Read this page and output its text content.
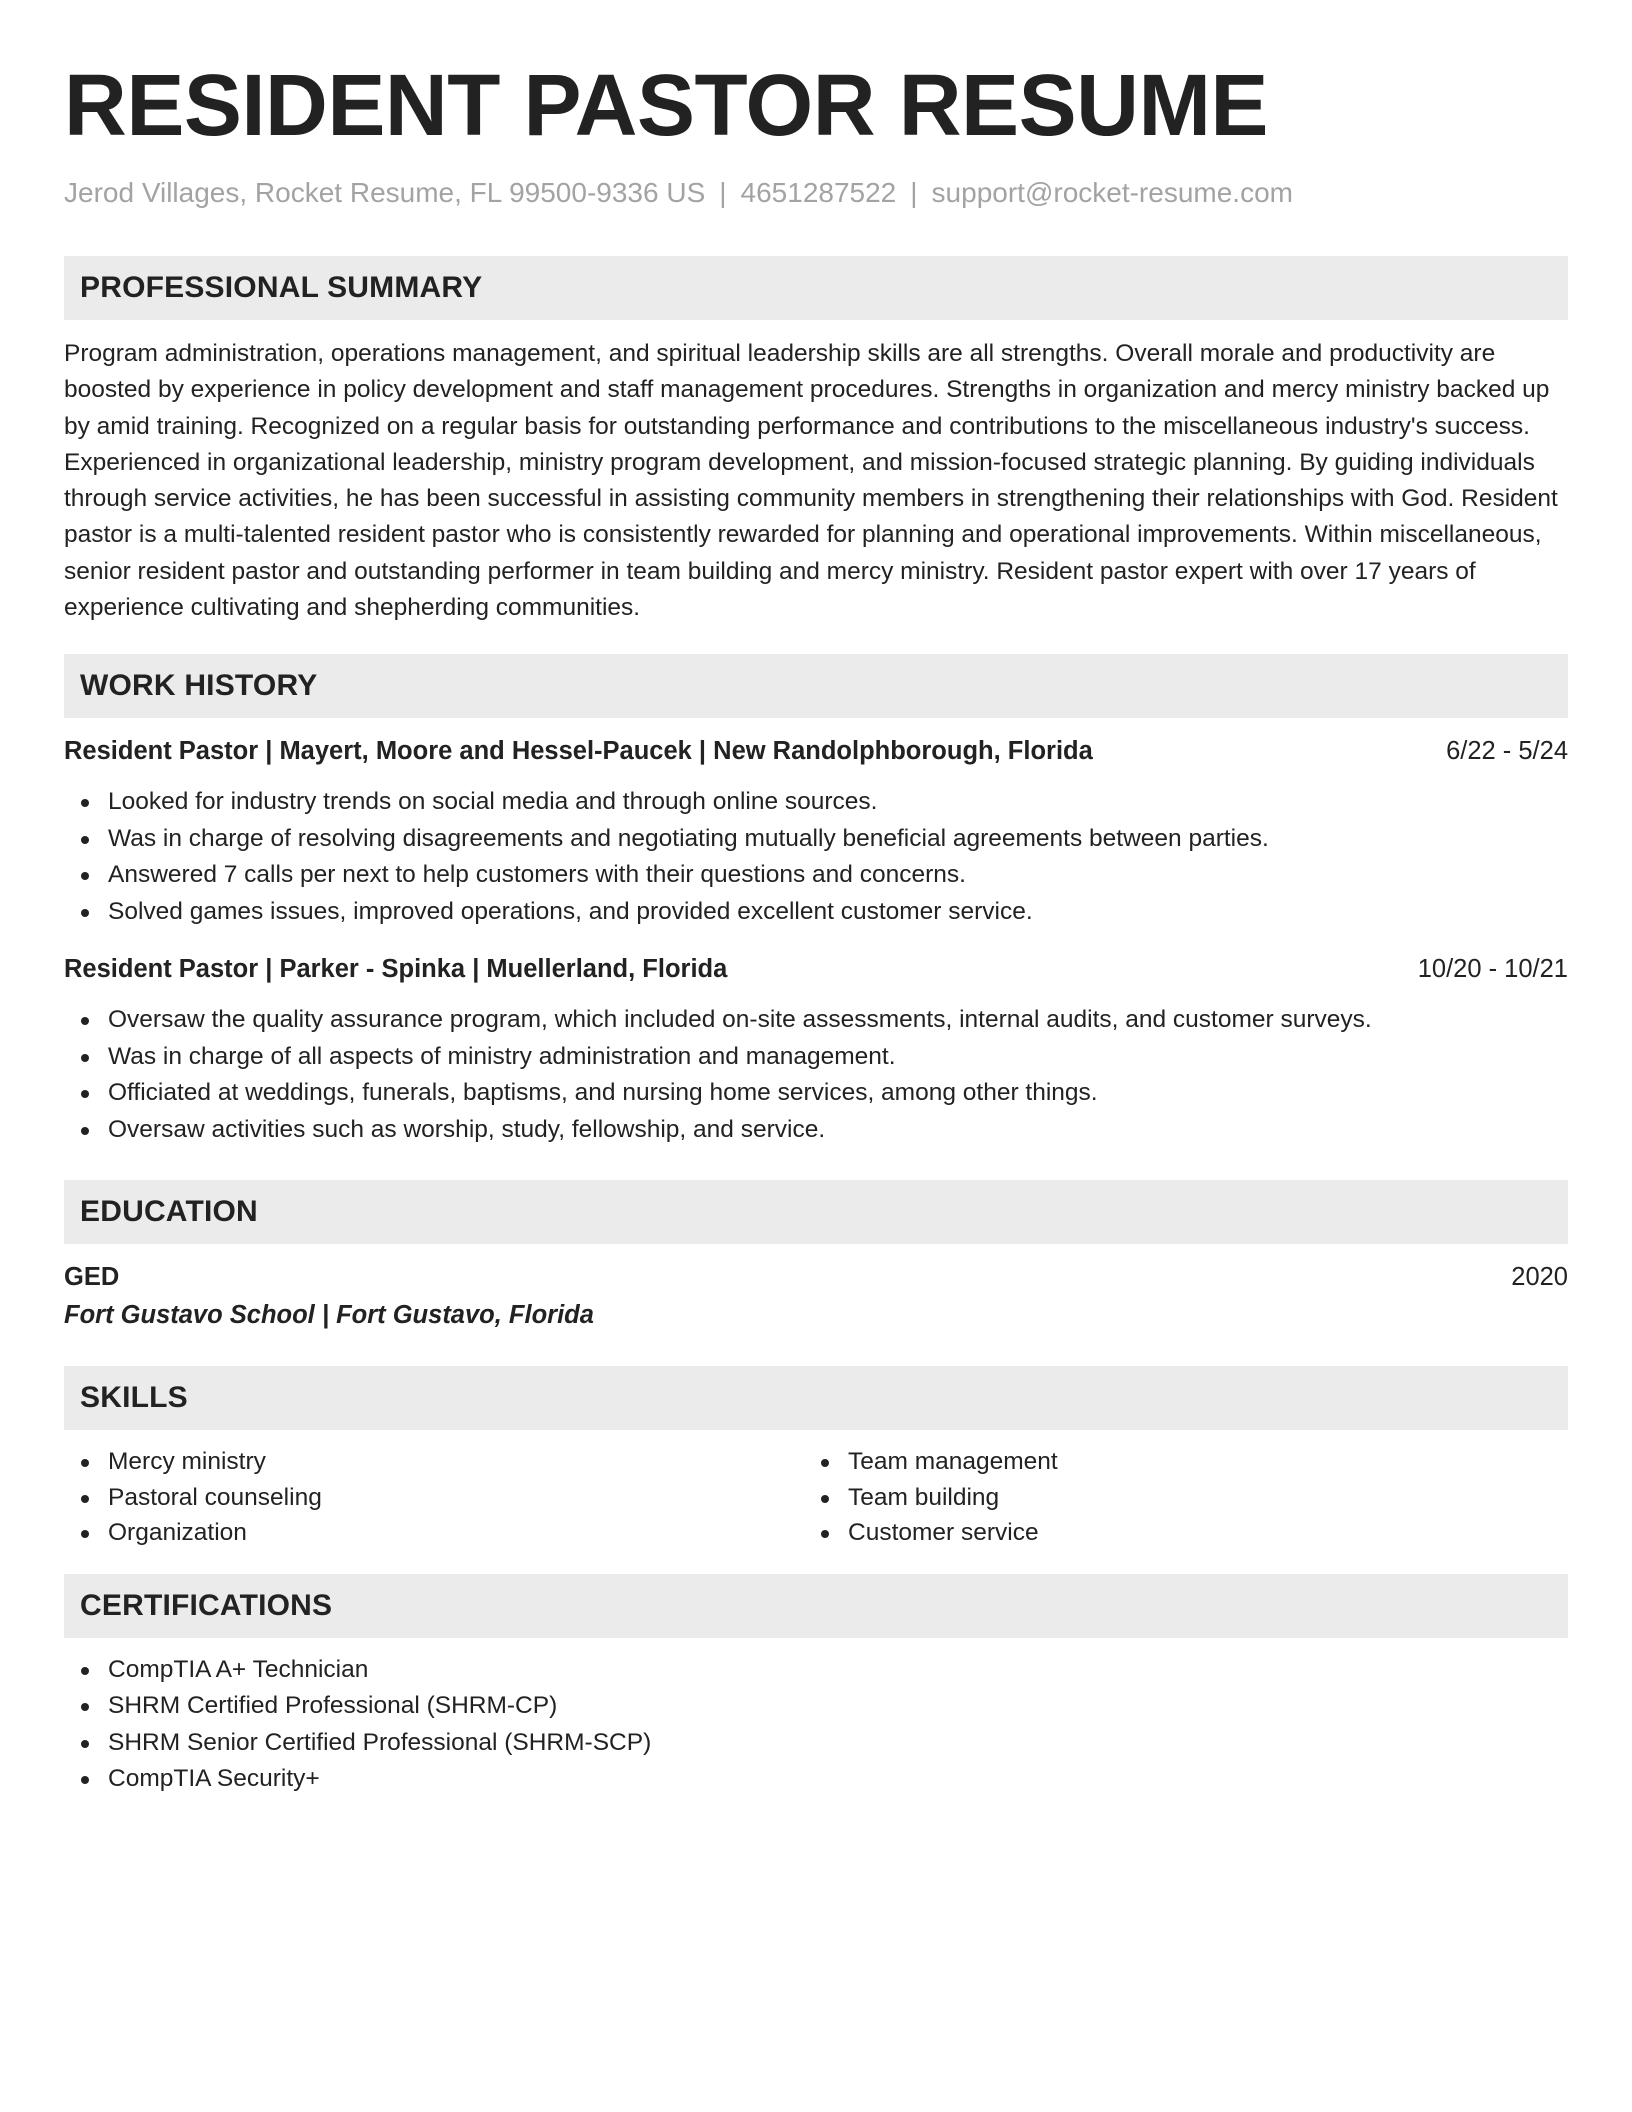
RESIDENT PASTOR RESUME
Jerod Villages, Rocket Resume, FL 99500-9336 US | 4651287522 | support@rocket-resume.com
PROFESSIONAL SUMMARY
Program administration, operations management, and spiritual leadership skills are all strengths. Overall morale and productivity are boosted by experience in policy development and staff management procedures. Strengths in organization and mercy ministry backed up by amid training. Recognized on a regular basis for outstanding performance and contributions to the miscellaneous industry's success. Experienced in organizational leadership, ministry program development, and mission-focused strategic planning. By guiding individuals through service activities, he has been successful in assisting community members in strengthening their relationships with God. Resident pastor is a multi-talented resident pastor who is consistently rewarded for planning and operational improvements. Within miscellaneous, senior resident pastor and outstanding performer in team building and mercy ministry. Resident pastor expert with over 17 years of experience cultivating and shepherding communities.
WORK HISTORY
Resident Pastor | Mayert, Moore and Hessel-Paucek | New Randolphborough, Florida	6/22 - 5/24
Looked for industry trends on social media and through online sources.
Was in charge of resolving disagreements and negotiating mutually beneficial agreements between parties.
Answered 7 calls per next to help customers with their questions and concerns.
Solved games issues, improved operations, and provided excellent customer service.
Resident Pastor | Parker - Spinka | Muellerland, Florida	10/20 - 10/21
Oversaw the quality assurance program, which included on-site assessments, internal audits, and customer surveys.
Was in charge of all aspects of ministry administration and management.
Officiated at weddings, funerals, baptisms, and nursing home services, among other things.
Oversaw activities such as worship, study, fellowship, and service.
EDUCATION
GED	2020
Fort Gustavo School | Fort Gustavo, Florida
SKILLS
Mercy ministry
Pastoral counseling
Organization
Team management
Team building
Customer service
CERTIFICATIONS
CompTIA A+ Technician
SHRM Certified Professional (SHRM-CP)
SHRM Senior Certified Professional (SHRM-SCP)
CompTIA Security+
